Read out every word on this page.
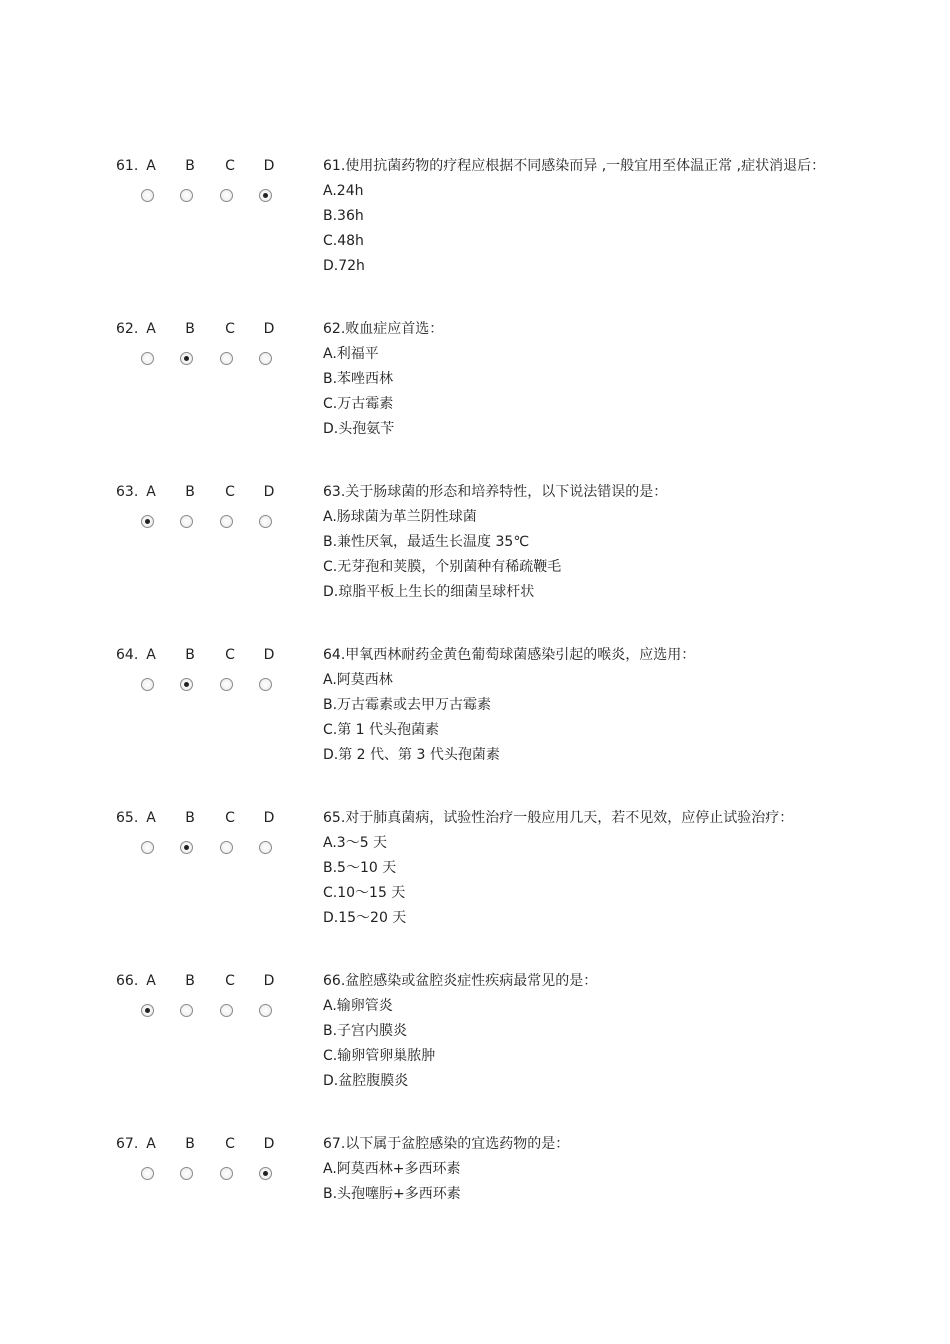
61. A	B	C	D	61.使用抗菌药物的疗程应根据不同感染而异 ,一般宜用至体温正常 ,症状消退后：
A.24h
B.36h
C.48h
D.72h
62. A	B	C	D	62.败血症应首选：
A.利福平
B.苯唑西林
C.万古霉素
D.头孢氨苄
63. A	B	C	D	63.关于肠球菌的形态和培养特性，以下说法错误的是：
A.肠球菌为革兰阴性球菌
B.兼性厌氧，最适生长温度 35℃
C.无芽孢和荚膜，个别菌种有稀疏鞭毛
D.琼脂平板上生长的细菌呈球杆状
64. A	B	C	D	64.甲氧西林耐药金黄色葡萄球菌感染引起的喉炎，应选用：
A.阿莫西林
B.万古霉素或去甲万古霉素
C.第 1 代头孢菌素
D.第 2 代、第 3 代头孢菌素
65. A	B	C	D	65.对于肺真菌病，试验性治疗一般应用几天，若不见效，应停止试验治疗：
A.3～5 天
B.5～10 天
C.10～15 天
D.15～20 天
66. A	B	C	D	66.盆腔感染或盆腔炎症性疾病最常见的是：
A.输卵管炎
B.子宫内膜炎
C.输卵管卵巢脓肿
D.盆腔腹膜炎
67. A	B	C	D	67.以下属于盆腔感染的宜选药物的是：
A.阿莫西林+多西环素
B.头孢噻肟+多西环素
